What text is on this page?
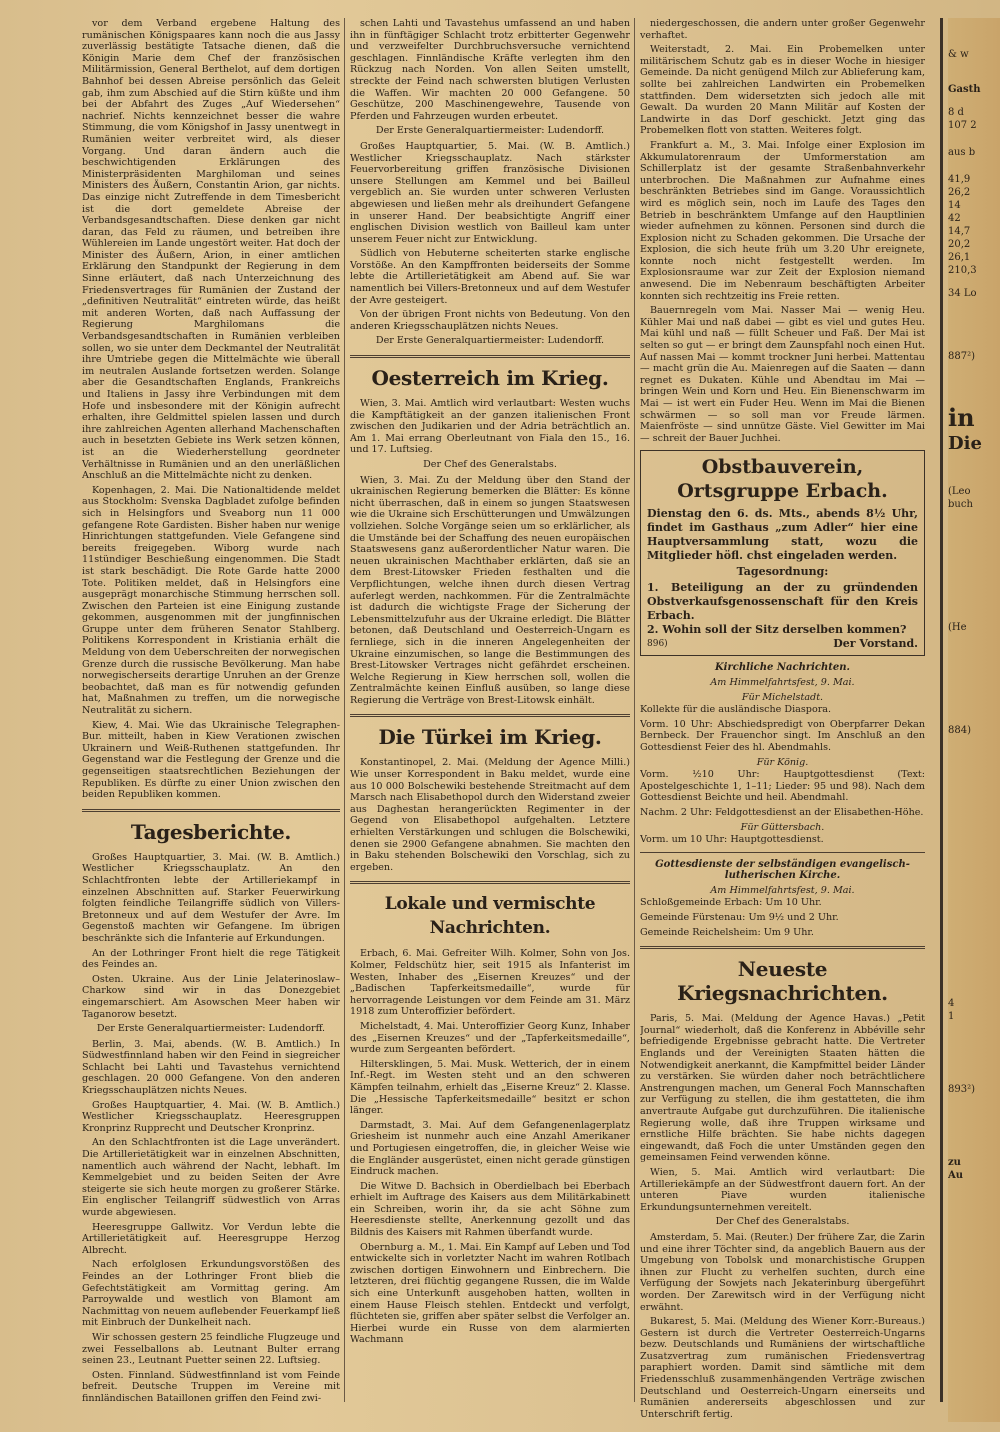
vor dem Verband ergebene Haltung des rumänischen Königspaares kann noch die aus Jassy zuverlässig bestätigte Tatsache dienen, daß die Königin Marie dem Chef der französischen Militärmission, General Berthelot, auf dem dortigen Bahnhof bei dessen Abreise persönlich das Geleit gab, ihm zum Abschied auf die Stirn küßte und ihm bei der Abfahrt des Zuges „Auf Wiedersehen“ nachrief. Nichts kennzeichnet besser die wahre Stimmung, die vom Königshof in Jassy unentwegt in Rumänien weiter verbreitet wird, als dieser Vorgang. Und daran ändern auch die beschwichtigenden Erklärungen des Ministerpräsidenten Marghiloman und seines Ministers des Äußern, Constantin Arion, gar nichts. Das einzige nicht Zutreffende in dem Timesbericht ist die dort gemeldete Abreise der Verbandsgesandtschaften. Diese denken gar nicht daran, das Feld zu räumen, und betreiben ihre Wühlereien im Lande ungestört weiter. Hat doch der Minister des Äußern, Arion, in einer amtlichen Erklärung den Standpunkt der Regierung in dem Sinne erläutert, daß nach Unterzeichnung des Friedensvertrages für Rumänien der Zustand der „definitiven Neutralität“ eintreten würde, das heißt mit anderen Worten, daß nach Auffassung der Regierung Marghilomans die Verbandsgesandtschaften in Rumänien verbleiben sollen, wo sie unter dem Deckmantel der Neutralität ihre Umtriebe gegen die Mittelmächte wie überall im neutralen Auslande fortsetzen werden. Solange aber die Gesandtschaften Englands, Frankreichs und Italiens in Jassy ihre Verbindungen mit dem Hofe und insbesondere mit der Königin aufrecht erhalten, ihre Geldmittel spielen lassen und durch ihre zahlreichen Agenten allerhand Machenschaften auch in besetzten Gebiete ins Werk setzen können, ist an die Wiederherstellung geordneter Verhältnisse in Rumänien und an den unerläßlichen Anschluß an die Mittelmächte nicht zu denken.

Kopenhagen, 2. Mai. Die Nationaltidende meldet aus Stockholm: Svenska Dagbladet zufolge befinden sich in Helsingfors und Sveaborg nun 11 000 gefangene Rote Gardisten. Bisher haben nur wenige Hinrichtungen stattgefunden. Viele Gefangene sind bereits freigegeben. Wiborg wurde nach 11stündiger Beschießung eingenommen. Die Stadt ist stark beschädigt. Die Rote Garde hatte 2000 Tote. Politiken meldet, daß in Helsingfors eine ausgeprägt monarchische Stimmung herrschen soll. Zwischen den Parteien ist eine Einigung zustande gekommen, ausgenommen mit der jungfinnischen Gruppe unter dem früheren Senator Stahlberg. Politikens Korrespondent in Kristiania erhält die Meldung von dem Ueberschreiten der norwegischen Grenze durch die russische Bevölkerung. Man habe norwegischerseits derartige Unruhen an der Grenze beobachtet, daß man es für notwendig gefunden hat, Maßnahmen zu treffen, um die norwegische Neutralität zu sichern.

Kiew, 4. Mai. Wie das Ukrainische Telegraphen-Bur. mitteilt, haben in Kiew Verationen zwischen Ukrainern und Weiß-Ruthenen stattgefunden. Ihr Gegenstand war die Festlegung der Grenze und die gegenseitigen staatsrechtlichen Beziehungen der Republiken. Es dürfte zu einer Union zwischen den beiden Republiken kommen.

Tagesberichte.

Großes Hauptquartier, 3. Mai. (W. B. Amtlich.) Westlicher Kriegsschauplatz. An den Schlachtfronten lebte der Artilleriekampf in einzelnen Abschnitten auf. Starker Feuerwirkung folgten feindliche Teilangriffe südlich von Villers-Bretonneux und auf dem Westufer der Avre. Im Gegenstoß machten wir Gefangene. Im übrigen beschränkte sich die Infanterie auf Erkundungen.

An der Lothringer Front hielt die rege Tätigkeit des Feindes an.

Osten. Ukraine. Aus der Linie Jelaterinoslaw–Charkow sind wir in das Donezgebiet eingemarschiert. Am Asowschen Meer haben wir Taganorow besetzt.

Der Erste Generalquartiermeister: Ludendorff.

Berlin, 3. Mai, abends. (W. B. Amtlich.) In Südwestfinnland haben wir den Feind in siegreicher Schlacht bei Lahti und Tavastehus vernichtend geschlagen. 20 000 Gefangene. Von den anderen Kriegsschauplätzen nichts Neues.

Großes Hauptquartier, 4. Mai. (W. B. Amtlich.) Westlicher Kriegsschauplatz. Heeresgruppen Kronprinz Rupprecht und Deutscher Kronprinz.

An den Schlachtfronten ist die Lage unverändert. Die Artillerietätigkeit war in einzelnen Abschnitten, namentlich auch während der Nacht, lebhaft. Im Kemmelgebiet und zu beiden Seiten der Avre steigerte sie sich heute morgen zu großerer Stärke. Ein englischer Teilangriff südwestlich von Arras wurde abgewiesen.

Heeresgruppe Gallwitz. Vor Verdun lebte die Artillerietätigkeit auf. Heeresgruppe Herzog Albrecht.

Nach erfolglosen Erkundungsvorstößen des Feindes an der Lothringer Front blieb die Gefechtstätigkeit am Vormittag gering. Am Parroywalde und westlich von Blamont am Nachmittag von neuem auflebender Feuerkampf ließ mit Einbruch der Dunkelheit nach.

Wir schossen gestern 25 feindliche Flugzeuge und zwei Fesselballons ab. Leutnant Bulter errang seinen 23., Leutnant Puetter seinen 22. Luftsieg.

Osten. Finnland. Südwestfinnland ist vom Feinde befreit. Deutsche Truppen im Vereine mit finnländischen Bataillonen griffen den Feind zwi-

schen Lahti und Tavastehus umfassend an und haben ihn in fünftägiger Schlacht trotz erbitterter Gegenwehr und verzweifelter Durchbruchsversuche vernichtend geschlagen. Finnländische Kräfte verlegten ihm den Rückzug nach Norden. Von allen Seiten umstellt, streckte der Feind nach schwersten blutigen Verlusten die Waffen. Wir machten 20 000 Gefangene. 50 Geschütze, 200 Maschinengewehre, Tausende von Pferden und Fahrzeugen wurden erbeutet.

Der Erste Generalquartiermeister: Ludendorff.

Großes Hauptquartier, 5. Mai. (W. B. Amtlich.) Westlicher Kriegsschauplatz. Nach stärkster Feuervorbereitung griffen französische Divisionen unsere Stellungen am Kemmel und bei Bailleul vergeblich an. Sie wurden unter schweren Verlusten abgewiesen und ließen mehr als dreihundert Gefangene in unserer Hand. Der beabsichtigte Angriff einer englischen Division westlich von Bailleul kam unter unserem Feuer nicht zur Entwicklung.

Südlich von Hebuterne scheiterten starke englische Vorstöße. An den Kampffronten beiderseits der Somme lebte die Artillerietätigkeit am Abend auf. Sie war namentlich bei Villers-Bretonneux und auf dem Westufer der Avre gesteigert.

Von der übrigen Front nichts von Bedeutung. Von den anderen Kriegsschauplätzen nichts Neues.

Der Erste Generalquartiermeister: Ludendorff.

Oesterreich im Krieg.

Wien, 3. Mai. Amtlich wird verlautbart: Westen wuchs die Kampftätigkeit an der ganzen italienischen Front zwischen den Judikarien und der Adria beträchtlich an. Am 1. Mai errang Oberleutnant von Fiala den 15., 16. und 17. Luftsieg.

Der Chef des Generalstabs.

Wien, 3. Mai. Zu der Meldung über den Stand der ukrainischen Regierung bemerken die Blätter: Es könne nicht überraschen, daß in einem so jungen Staatswesen wie die Ukraine sich Erschütterungen und Umwälzungen vollziehen. Solche Vorgänge seien um so erklärlicher, als die Umstände bei der Schaffung des neuen europäischen Staatswesens ganz außerordentlicher Natur waren. Die neuen ukrainischen Machthaber erklärten, daß sie an dem Brest-Litowsker Frieden festhalten und die Verpflichtungen, welche ihnen durch diesen Vertrag auferlegt werden, nachkommen. Für die Zentralmächte ist dadurch die wichtigste Frage der Sicherung der Lebensmittelzufuhr aus der Ukraine erledigt. Die Blätter betonen, daß Deutschland und Oesterreich-Ungarn es fernliege, sich in die inneren Angelegenheiten der Ukraine einzumischen, so lange die Bestimmungen des Brest-Litowsker Vertrages nicht gefährdet erscheinen. Welche Regierung in Kiew herrschen soll, wollen die Zentralmächte keinen Einfluß ausüben, so lange diese Regierung die Verträge von Brest-Litowsk einhält.

Die Türkei im Krieg.

Konstantinopel, 2. Mai. (Meldung der Agence Milli.) Wie unser Korrespondent in Baku meldet, wurde eine aus 10 000 Bolschewiki bestehende Streitmacht auf dem Marsch nach Elisabethopol durch den Widerstand zweier aus Daghestan herangerückten Regimenter in der Gegend von Elisabethopol aufgehalten. Letztere erhielten Verstärkungen und schlugen die Bolschewiki, denen sie 2900 Gefangene abnahmen. Sie machten den in Baku stehenden Bolschewiki den Vorschlag, sich zu ergeben.

Lokale und vermischte Nachrichten.

Erbach, 6. Mai. Gefreiter Wilh. Kolmer, Sohn von Jos. Kolmer, Feldschütz hier, seit 1915 als Infanterist im Westen, Inhaber des „Eisernen Kreuzes“ und der „Badischen Tapferkeitsmedaille“, wurde für hervorragende Leistungen vor dem Feinde am 31. März 1918 zum Unteroffizier befördert.

Michelstadt, 4. Mai. Unteroffizier Georg Kunz, Inhaber des „Eisernen Kreuzes“ und der „Tapferkeitsmedaille“, wurde zum Sergeanten befördert.

Hiltersklingen, 5. Mai. Musk. Wetterich, der in einem Inf.-Regt. im Westen steht und an den schweren Kämpfen teilnahm, erhielt das „Eiserne Kreuz“ 2. Klasse. Die „Hessische Tapferkeitsmedaille“ besitzt er schon länger.

Darmstadt, 3. Mai. Auf dem Gefangenenlagerplatz Griesheim ist nunmehr auch eine Anzahl Amerikaner und Portugiesen eingetroffen, die, in gleicher Weise wie die Engländer ausgerüstet, einen nicht gerade günstigen Eindruck machen.

Die Witwe D. Bachsich in Oberdielbach bei Eberbach erhielt im Auftrage des Kaisers aus dem Militärkabinett ein Schreiben, worin ihr, da sie acht Söhne zum Heeresdienste stellte, Anerkennung gezollt und das Bildnis des Kaisers mit Rahmen überfandt wurde.

Obernburg a. M., 1. Mai. Ein Kampf auf Leben und Tod entwickelte sich in vorletzter Nacht im wahren Rotlbach zwischen dortigen Einwohnern und Einbrechern. Die letzteren, drei flüchtig gegangene Russen, die im Walde sich eine Unterkunft ausgehoben hatten, wollten in einem Hause Fleisch stehlen. Entdeckt und verfolgt, flüchteten sie, griffen aber später selbst die Verfolger an. Hierbei wurde ein Russe von dem alarmierten Wachmann

niedergeschossen, die andern unter großer Gegenwehr verhaftet.

Weiterstadt, 2. Mai. Ein Probemelken unter militärischem Schutz gab es in dieser Woche in hiesiger Gemeinde. Da nicht genügend Milch zur Ablieferung kam, sollte bei zahlreichen Landwirten ein Probemelken stattfinden. Dem widersetzten sich jedoch alle mit Gewalt. Da wurden 20 Mann Militär auf Kosten der Landwirte in das Dorf geschickt. Jetzt ging das Probemelken flott von statten. Weiteres folgt.

Frankfurt a. M., 3. Mai. Infolge einer Explosion im Akkumulatorenraum der Umformerstation am Schillerplatz ist der gesamte Straßenbahnverkehr unterbrochen. Die Maßnahmen zur Aufnahme eines beschränkten Betriebes sind im Gange. Voraussichtlich wird es möglich sein, noch im Laufe des Tages den Betrieb in beschränktem Umfange auf den Hauptlinien wieder aufnehmen zu können. Personen sind durch die Explosion nicht zu Schaden gekommen. Die Ursache der Explosion, die sich heute früh um 3.20 Uhr ereignete, konnte noch nicht festgestellt werden. Im Explosionsraume war zur Zeit der Explosion niemand anwesend. Die im Nebenraum beschäftigten Arbeiter konnten sich rechtzeitig ins Freie retten.

Bauernregeln vom Mai. Nasser Mai — wenig Heu. Kühler Mai und naß dabei — gibt es viel und gutes Heu. Mai kühl und naß — füllt Scheuer und Faß. Der Mai ist selten so gut — er bringt dem Zaunspfahl noch einen Hut. Auf nassen Mai — kommt trockner Juni herbei. Mattentau — macht grün die Au. Maienregen auf die Saaten — dann regnet es Dukaten. Kühle und Abendtau im Mai — bringen Wein und Korn und Heu. Ein Bienenschwarm im Mai — ist wert ein Fuder Heu. Wenn im Mai die Bienen schwärmen — so soll man vor Freude lärmen. Maienfröste — sind unnütze Gäste. Viel Gewitter im Mai — schreit der Bauer Juchhei.

Obstbauverein, Ortsgruppe Erbach.
Dienstag den 6. ds. Mts., abends 8½ Uhr, findet im Gasthaus „zum Adler“ hier eine Hauptversammlung statt, wozu die Mitglieder höfl. chst eingeladen werden.
Tagesordnung:
1. Beteiligung an der zu gründenden Obstverkaufsgenossenschaft für den Kreis Erbach.
2. Wohin soll der Sitz derselben kommen?
896)	Der Vorstand.
Kirchliche Nachrichten.
Am Himmelfahrtsfest, 9. Mai.
Für Michelstadt.

Kollekte für die ausländische Diaspora.

Vorm. 10 Uhr: Abschiedspredigt von Oberpfarrer Dekan Bernbeck. Der Frauenchor singt. Im Anschluß an den Gottesdienst Feier des hl. Abendmahls.

Für König.

Vorm. ½10 Uhr: Hauptgottesdienst (Text: Apostelgeschichte 1, 1–11; Lieder: 95 und 98). Nach dem Gottesdienst Beichte und heil. Abendmahl.

Nachm. 2 Uhr: Feldgottesdienst an der Elisabethen-Höhe.

Für Güttersbach.

Vorm. um 10 Uhr: Hauptgottesdienst.

Gottesdienste der selbständigen evangelisch-lutherischen Kirche.
Am Himmelfahrtsfest, 9. Mai.

Schloßgemeinde Erbach: Um 10 Uhr.

Gemeinde Fürstenau: Um 9½ und 2 Uhr.

Gemeinde Reichelsheim: Um 9 Uhr.

Neueste Kriegsnachrichten.

Paris, 5. Mai. (Meldung der Agence Havas.) „Petit Journal“ wiederholt, daß die Konferenz in Abbéville sehr befriedigende Ergebnisse gebracht hatte. Die Vertreter Englands und der Vereinigten Staaten hätten die Notwendigkeit anerkannt, die Kampfmittel beider Länder zu verstärken. Sie würden daher noch beträchtlichere Anstrengungen machen, um General Foch Mannschaften zur Verfügung zu stellen, die ihm gestatteten, die ihm anvertraute Aufgabe gut durchzuführen. Die italienische Regierung wolle, daß ihre Truppen wirksame und ernstliche Hilfe brächten. Sie habe nichts dagegen eingewandt, daß Foch die unter Umständen gegen den gemeinsamen Feind verwenden könne.

Wien, 5. Mai. Amtlich wird verlautbart: Die Artilleriekämpfe an der Südwestfront dauern fort. An der unteren Piave wurden italienische Erkundungsunternehmen vereitelt.

Der Chef des Generalstabs.

Amsterdam, 5. Mai. (Reuter.) Der frühere Zar, die Zarin und eine ihrer Töchter sind, da angeblich Bauern aus der Umgebung von Tobolsk und monarchistische Gruppen ihnen zur Flucht zu verhelfen suchten, durch eine Verfügung der Sowjets nach Jekaterinburg übergeführt worden. Der Zarewitsch wird in der Verfügung nicht erwähnt.

Bukarest, 5. Mai. (Meldung des Wiener Korr.-Bureaus.) Gestern ist durch die Vertreter Oesterreich-Ungarns bezw. Deutschlands und Rumäniens der wirtschaftliche Zusatzvertrag zum rumänischen Friedensvertrag paraphiert worden. Damit sind sämtliche mit dem Friedensschluß zusammenhängenden Verträge zwischen Deutschland und Oesterreich-Ungarn einerseits und Rumänien andererseits abgeschlossen und zur Unterschrift fertig.

& w

Gasth

8 d

107 2

aus b

41,9

26,2

14

42

14,7

20,2

26,1

210,3

34 Lo

887²)

in

Die

(Leo

buch

(He

884)

4

1

893²)

zu

Au
